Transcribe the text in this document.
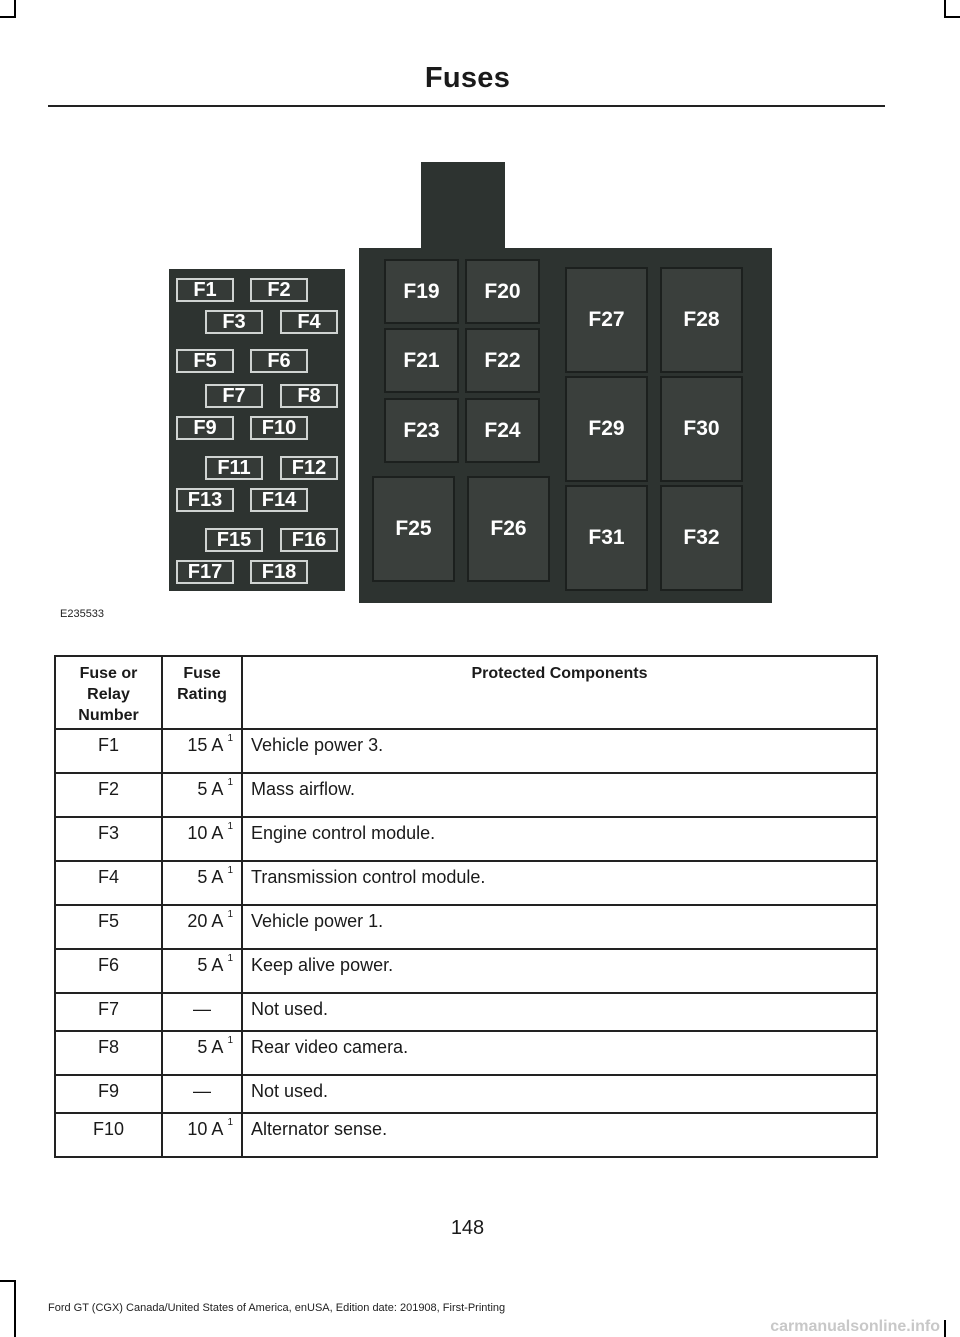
Fuses
F1	F2
F3	F4
F5	F6
F7	F8
F9	F10
F11	F12
F13	F14
F15	F16
F17	F18
F19	F20
F21	F22
F23	F24
F25	F26
F27	F28
F29	F30
F31	F32
E235533
Fuse or Relay Number	Fuse Rating	Protected Components
F1	15 A $^1$	Vehicle power 3.
F2	5 A $^1$	Mass airflow.
F3	10 A $^1$	Engine control module.
F4	5 A $^1$	Transmission control module.
F5	20 A $^1$	Vehicle power 1.
F6	5 A $^1$	Keep alive power.
F7	—	Not used.
F8	5 A $^1$	Rear video camera.
F9	—	Not used.
F10	10 A $^1$	Alternator sense.
148
Ford GT (CGX) Canada/United States of America, enUSA, Edition date: 201908, First-Printing
carmanualsonline.info
